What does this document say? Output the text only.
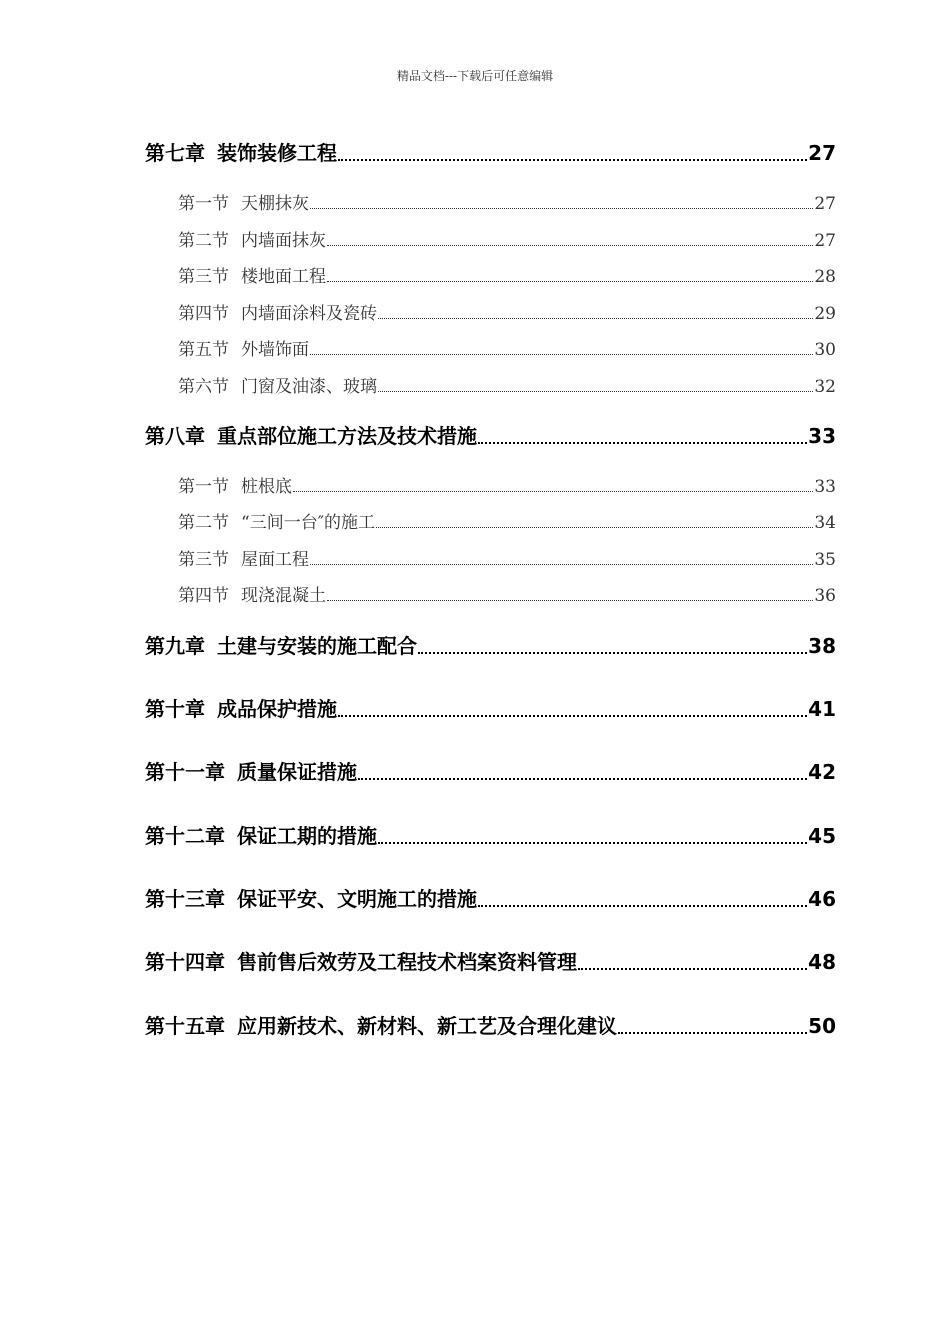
精品文档---下载后可任意编辑
第七章 装饰装修工程	27
第一节 天棚抹灰	27
第二节 内墙面抹灰	27
第三节 楼地面工程	28
第四节 内墙面涂料及瓷砖	29
第五节 外墙饰面	30
第六节 门窗及油漆、玻璃	32
第八章 重点部位施工方法及技术措施	33
第一节 桩根底	33
第二节 “三间一台″的施工	34
第三节 屋面工程	35
第四节 现浇混凝土	36
第九章 土建与安装的施工配合	38
第十章 成品保护措施	41
第十一章 质量保证措施	42
第十二章 保证工期的措施	45
第十三章 保证平安、文明施工的措施	46
第十四章 售前售后效劳及工程技术档案资料管理	48
第十五章 应用新技术、新材料、新工艺及合理化建议	50
